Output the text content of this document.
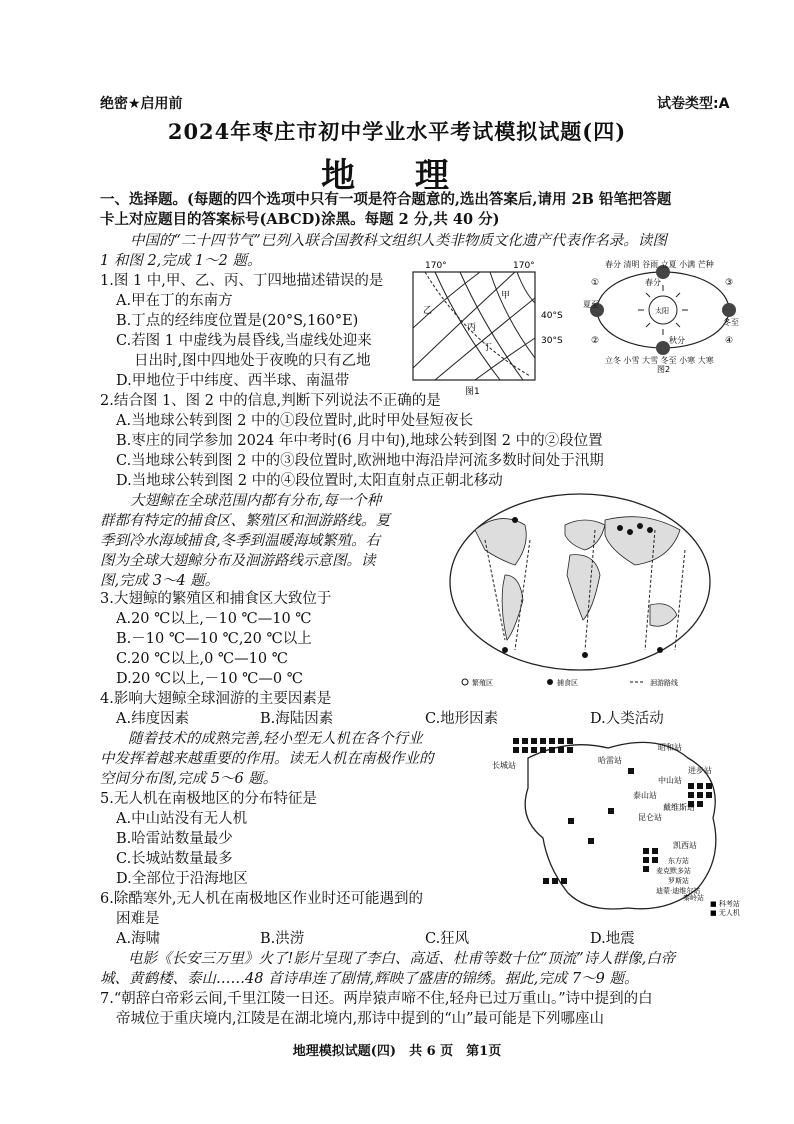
绝密★启用前	试卷类型:A
2024年枣庄市初中学业水平考试模拟试题(四)
地 理
一、选择题。(每题的四个选项中只有一项是符合题意的,选出答案后,请用 2B 铅笔把答题
卡上对应题目的答案标号(ABCD)涂黑。每题 2 分,共 40 分)
中国的“二十四节气”已列入联合国教科文组织人类非物质文化遗产代表作名录。读图
1 和图 2,完成 1～2 题。
1.图 1 中,甲、乙、丙、丁四地描述错误的是
A.甲在丁的东南方
B.丁点的经纬度位置是(20°S,160°E)
C.若图 1 中虚线为晨昏线,当虚线处迎来
日出时,图中四地处于夜晚的只有乙地
D.甲地位于中纬度、西半球、南温带
170°	170°
40°S
30°S
甲
乙
丙
丁
图1
太阳
春分 清明 谷雨 立夏 小满 芒种
立冬 小雪 大雪 冬至 小寒 大寒
夏至
冬至
春分
秋分
①
②
③
④
图2
2.结合图 1、图 2 中的信息,判断下列说法不正确的是
A.当地球公转到图 2 中的①段位置时,此时甲处昼短夜长
B.枣庄的同学参加 2024 年中考时(6 月中旬),地球公转到图 2 中的②段位置
C.当地球公转到图 2 中的③段位置时,欧洲地中海沿岸河流多数时间处于汛期
D.当地球公转到图 2 中的④段位置时,太阳直射点正朝北移动
大翅鲸在全球范围内都有分布,每一个种
群都有特定的捕食区、繁殖区和洄游路线。夏
季到冷水海域捕食,冬季到温暖海域繁殖。右
图为全球大翅鲸分布及洄游路线示意图。读
图,完成 3～4 题。
繁殖区	捕食区	洄游路线
3.大翅鲸的繁殖区和捕食区大致位于
A.20 ℃以上,－10 ℃—10 ℃
B.－10 ℃—10 ℃,20 ℃以上
C.20 ℃以上,0 ℃—10 ℃
D.20 ℃以上,－10 ℃—0 ℃
4.影响大翅鲸全球洄游的主要因素是
A.纬度因素	B.海陆因素	C.地形因素	D.人类活动
随着技术的成熟完善,轻小型无人机在各个行业
中发挥着越来越重要的作用。读无人机在南极作业的
空间分布图,完成 5～6 题。
长城站
哈雷站
昭和站
进步站
中山站
泰山站
戴维斯站
昆仑站
凯西站
东方站
麦克默多站
罗斯站
迪蒙·迪维尔站
秦岭站
■ 科考站
■ 无人机
5.无人机在南极地区的分布特征是
A.中山站没有无人机
B.哈雷站数量最少
C.长城站数量最多
D.全部位于沿海地区
6.除酷寒外,无人机在南极地区作业时还可能遇到的
困难是
A.海啸	B.洪涝	C.狂风	D.地震
电影《长安三万里》火了!影片呈现了李白、高适、杜甫等数十位“顶流”诗人群像,白帝
城、黄鹤楼、泰山……48 首诗串连了剧情,辉映了盛唐的锦绣。据此,完成 7～9 题。
7.“朝辞白帝彩云间,千里江陵一日还。两岸猿声啼不住,轻舟已过万重山。”诗中提到的白
帝城位于重庆境内,江陵是在湖北境内,那诗中提到的“山”最可能是下列哪座山
地理模拟试题(四)　共 6 页　第1页
